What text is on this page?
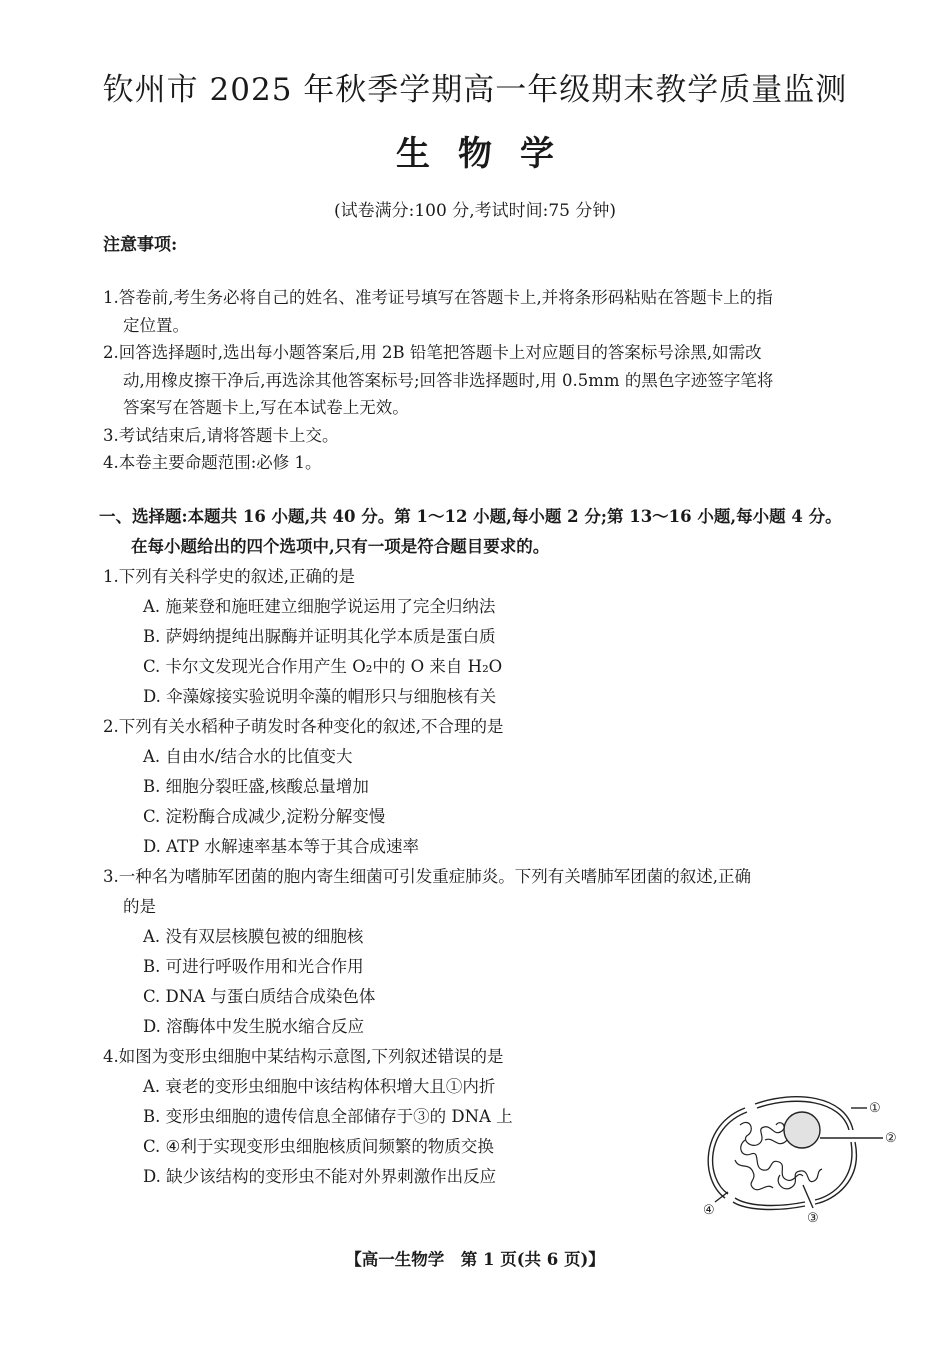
钦州市 2025 年秋季学期高一年级期末教学质量监测
生 物 学
(试卷满分:100 分,考试时间:75 分钟)
注意事项:
1.答卷前,考生务必将自己的姓名、准考证号填写在答题卡上,并将条形码粘贴在答题卡上的指
定位置。
2.回答选择题时,选出每小题答案后,用 2B 铅笔把答题卡上对应题目的答案标号涂黑,如需改
动,用橡皮擦干净后,再选涂其他答案标号;回答非选择题时,用 0.5mm 的黑色字迹签字笔将
答案写在答题卡上,写在本试卷上无效。
3.考试结束后,请将答题卡上交。
4.本卷主要命题范围:必修 1。
一、选择题:本题共 16 小题,共 40 分。第 1～12 小题,每小题 2 分;第 13～16 小题,每小题 4 分。
在每小题给出的四个选项中,只有一项是符合题目要求的。
1.下列有关科学史的叙述,正确的是
A. 施莱登和施旺建立细胞学说运用了完全归纳法
B. 萨姆纳提纯出脲酶并证明其化学本质是蛋白质
C. 卡尔文发现光合作用产生 O₂中的 O 来自 H₂O
D. 伞藻嫁接实验说明伞藻的帽形只与细胞核有关
2.下列有关水稻种子萌发时各种变化的叙述,不合理的是
A. 自由水/结合水的比值变大
B. 细胞分裂旺盛,核酸总量增加
C. 淀粉酶合成减少,淀粉分解变慢
D. ATP 水解速率基本等于其合成速率
3.一种名为嗜肺军团菌的胞内寄生细菌可引发重症肺炎。下列有关嗜肺军团菌的叙述,正确
的是
A. 没有双层核膜包被的细胞核
B. 可进行呼吸作用和光合作用
C. DNA 与蛋白质结合成染色体
D. 溶酶体中发生脱水缩合反应
4.如图为变形虫细胞中某结构示意图,下列叙述错误的是
A. 衰老的变形虫细胞中该结构体积增大且①内折
B. 变形虫细胞的遗传信息全部储存于③的 DNA 上
C. ④利于实现变形虫细胞核质间频繁的物质交换
D. 缺少该结构的变形虫不能对外界刺激作出反应
①
②
③
④
【高一生物学　第 1 页(共 6 页)】
